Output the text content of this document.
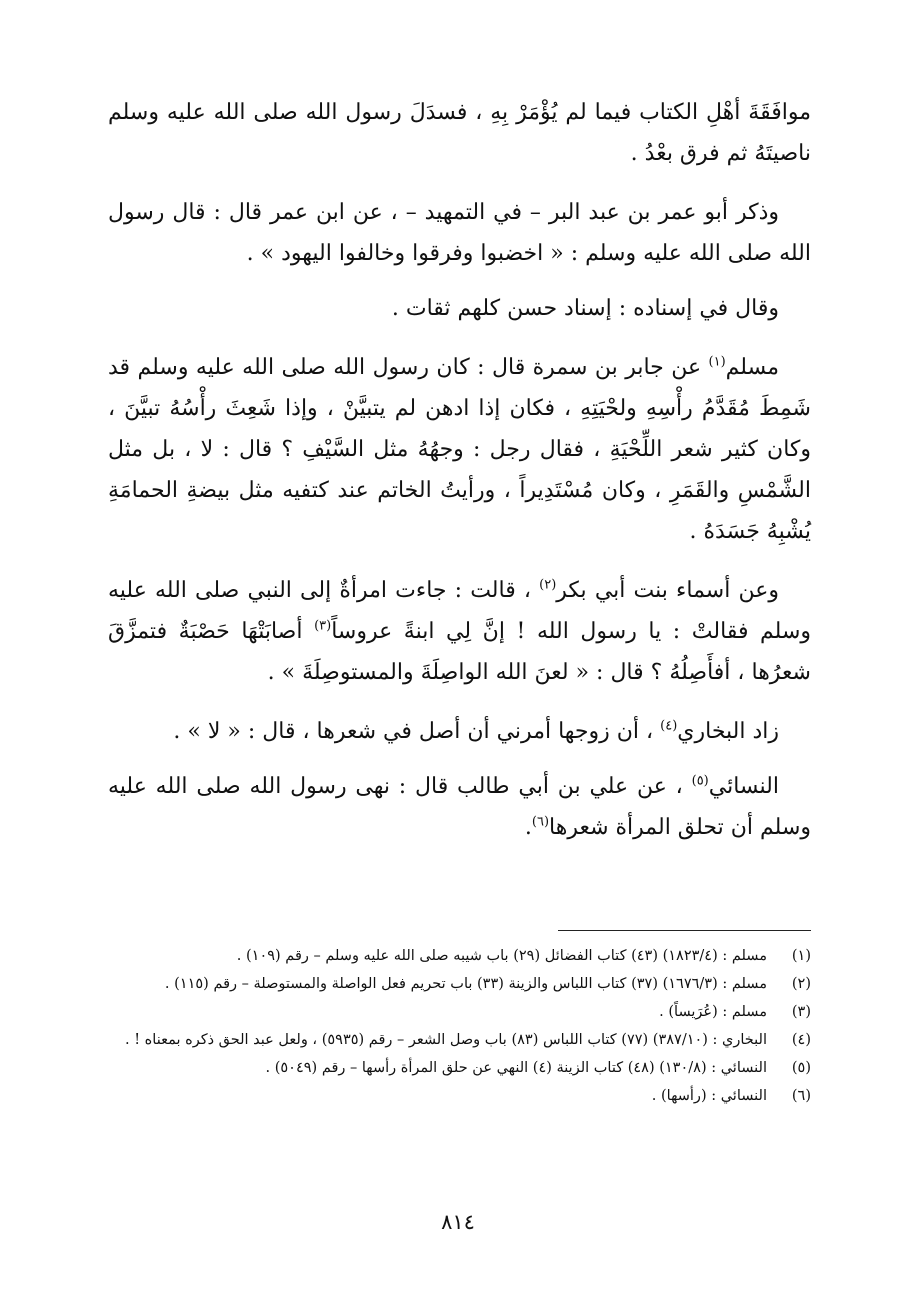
موافَقَةَ أهْلِ الكتاب فيما لم يُؤْمَرْ بِهِ ، فسدَلَ رسول الله صلى الله عليه وسلم ناصيتَهُ ثم فرق بعْدُ .

وذكر أبو عمر بن عبد البر – في التمهيد – ، عن ابن عمر قال : قال رسول الله صلى الله عليه وسلم : « اخضبوا وفرقوا وخالفوا اليهود » .

وقال في إسناده : إسناد حسن كلهم ثقات .

مسلم$^{(١)}$ عن جابر بن سمرة قال : كان رسول الله صلى الله عليه وسلم قد شَمِطَ مُقَدَّمُ رأْسِهِ ولحْيَتِهِ ، فكان إذا ادهن لم يتبيَّنْ ، وإذا شَعِثَ رأْسُهُ تبيَّنَ ، وكان كثير شعر اللِّحْيَةِ ، فقال رجل : وجهُهُ مثل السَّيْفِ ؟ قال : لا ، بل مثل الشَّمْسِ والقَمَرِ ، وكان مُسْتَدِيراً ، ورأيتُ الخاتم عند كتفيه مثل بيضةِ الحمامَةِ يُشْبِهُ جَسَدَهُ .

وعن أسماء بنت أبي بكر$^{(٢)}$ ، قالت : جاءت امرأةٌ إلى النبي صلى الله عليه وسلم فقالتْ : يا رسول الله ! إنَّ لِي ابنةً عروساً$^{(٣)}$ أصابَتْهَا حَصْبَةٌ فتمزَّقَ شعرُها ، أفأَصِلُهُ ؟ قال : « لعنَ الله الواصِلَةَ والمستوصِلَةَ » .

زاد البخاري$^{(٤)}$ ، أن زوجها أمرني أن أصل في شعرها ، قال : « لا » .

النسائي$^{(٥)}$ ، عن علي بن أبي طالب قال : نهى رسول الله صلى الله عليه وسلم أن تحلق المرأة شعرها$^{(٦)}$.

(١)
مسلم : (١٨٢٣/٤) (٤٣) كتاب الفضائل (٢٩) باب شيبه صلى الله عليه وسلم – رقم (١٠٩) .
(٢)
مسلم : (١٦٧٦/٣) (٣٧) كتاب اللباس والزينة (٣٣) باب تحريم فعل الواصلة والمستوصلة – رقم (١١٥) .
(٣)
مسلم : (عُرَيساً) .
(٤)
البخاري : (٣٨٧/١٠) (٧٧) كتاب اللباس (٨٣) باب وصل الشعر – رقم (٥٩٣٥) ، ولعل عبد الحق ذكره بمعناه ! .
(٥)
النسائي : (١٣٠/٨) (٤٨) كتاب الزينة (٤) النهي عن حلق المرأة رأسها – رقم (٥٠٤٩) .
(٦)
النسائي : (رأسها) .
٨١٤
